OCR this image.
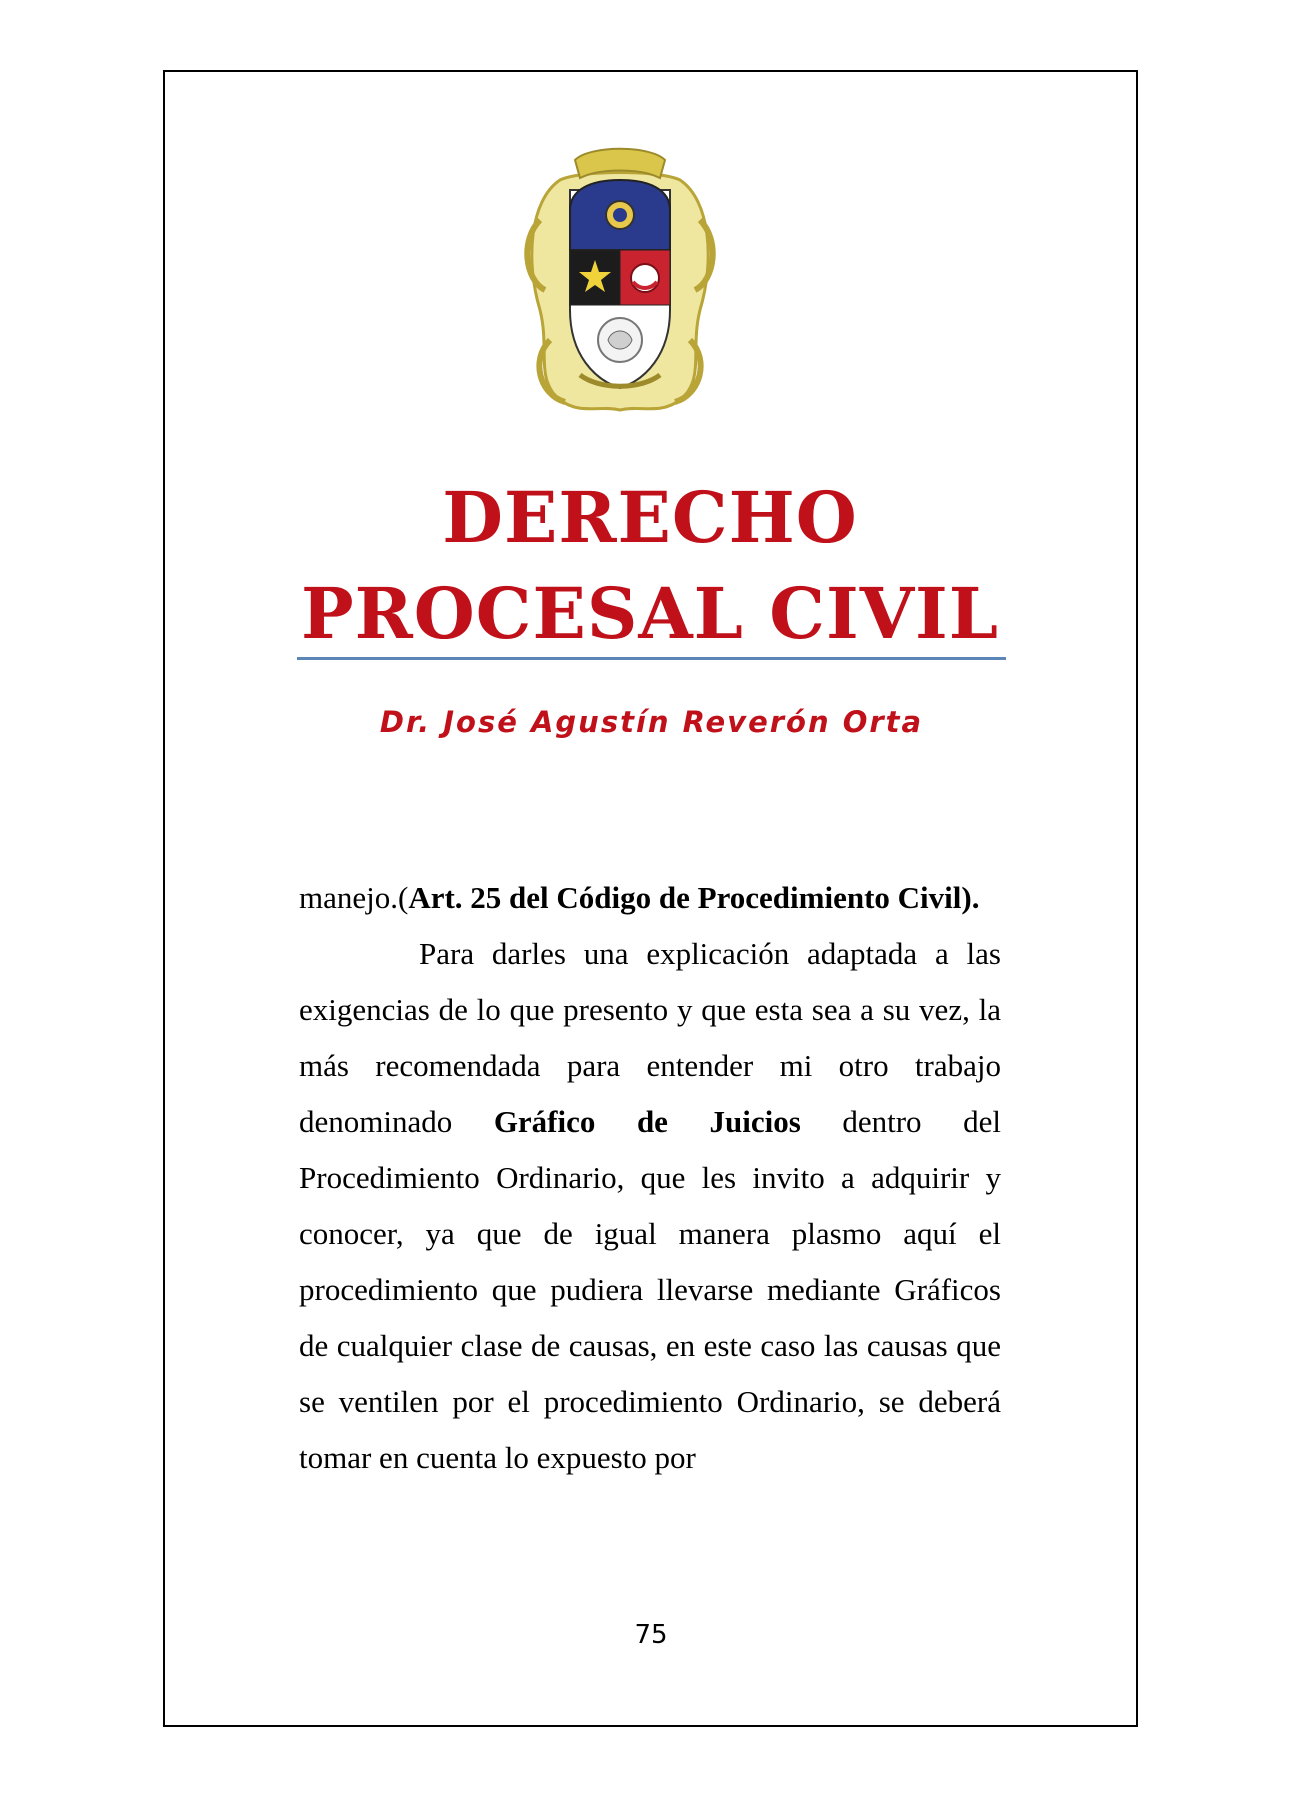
DERECHO
PROCESAL CIVIL
Dr. José Agustín Reverón Orta

manejo.(Art. 25 del Código de Procedimiento Civil).

Para darles una explicación adaptada a las exigencias de lo que presento y que esta sea a su vez, la más recomendada para entender mi otro trabajo denominado Gráfico de Juicios dentro del Procedimiento Ordinario, que les invito a adquirir y conocer, ya que de igual manera plasmo aquí el procedimiento que pudiera llevarse mediante Gráficos de cualquier clase de causas, en este caso las causas que se ventilen por el procedimiento Ordinario, se deberá tomar en cuenta lo expuesto por

75
